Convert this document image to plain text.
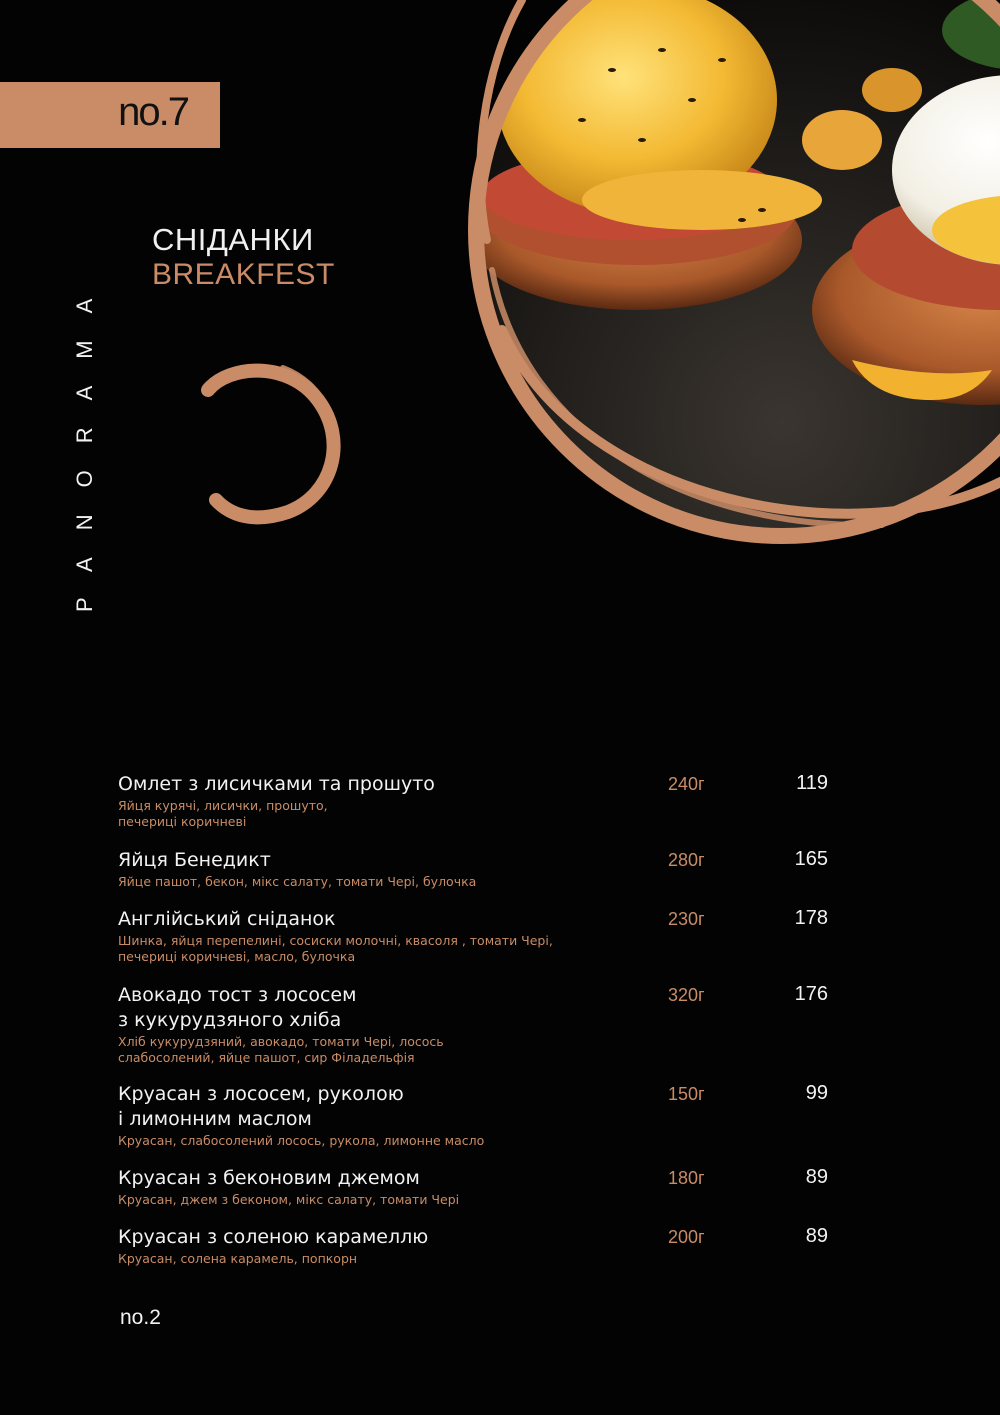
no.7
PANORAMA
СНІДАНКИ
BREAKFEST
Омлет з лисичками та прошуто
Яйця курячі, лисички, прошуто,
печериці коричневі
240г	119
Яйця Бенедикт
Яйце пашот, бекон, мікс салату, томати Чері, булочка
280г	165
Англійський сніданок
Шинка, яйця перепелині, сосиски молочні, квасоля , томати Чері,
печериці коричневі, масло, булочка
230г	178
Авокадо тост з лососем
з кукурудзяного хліба
Хліб кукурудзяний, авокадо, томати Чері, лосось
слабосолений, яйце пашот, сир Філадельфія
320г	176
Круасан з лососем, руколою
і лимонним маслом
Круасан, слабосолений лосось, рукола, лимонне масло
150г	99
Круасан з беконовим джемом
Круасан, джем з беконом, мікс салату, томати Чері
180г	89
Круасан з соленою карамеллю
Круасан, солена карамель, попкорн
200г	89
no.2
